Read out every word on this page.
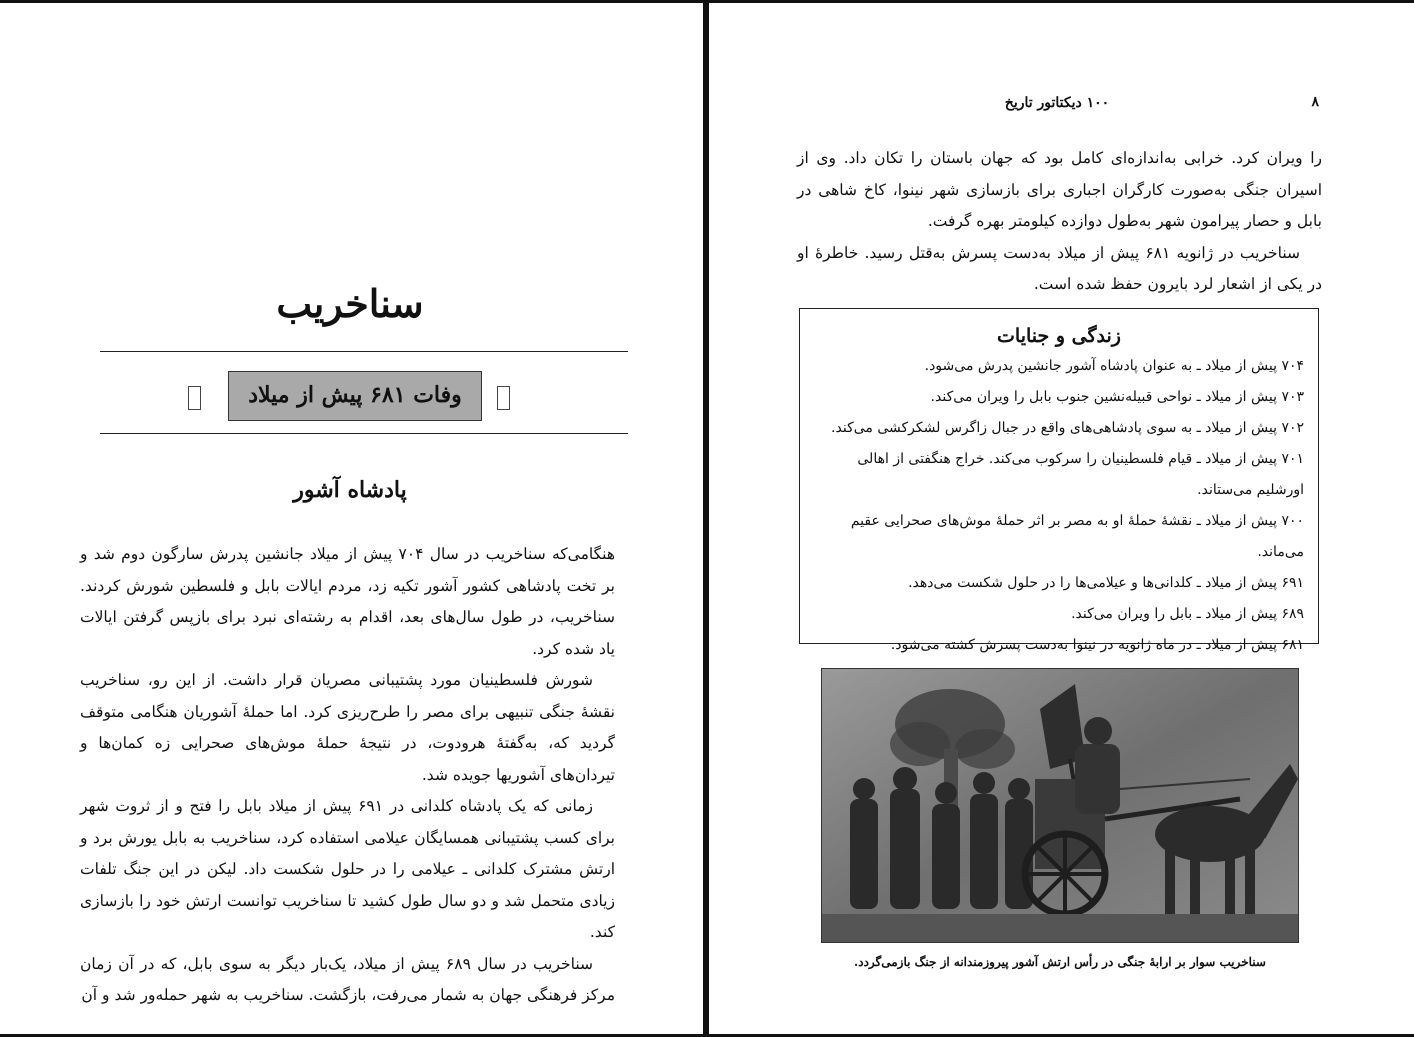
سناخریب
وفات ۶۸۱ پیش از میلاد
پادشاه آشور

هنگامی‌که سناخریب در سال ۷۰۴ پیش از میلاد جانشین پدرش سارگون دوم شد و بر تخت پادشاهی کشور آشور تکیه زد، مردم ایالات بابل و فلسطین شورش کردند. سناخریب، در طول سال‌های بعد، اقدام به رشته‌ای نبرد برای بازپس گرفتن ایالات یاد شده کرد.

شورش فلسطینیان مورد پشتیبانی مصریان قرار داشت. از این رو، سناخریب نقشهٔ جنگی تنبیهی برای مصر را طرح‌ریزی کرد. اما حملهٔ آشوریان هنگامی متوقف گردید که، به‌گفتهٔ هرودوت، در نتیجهٔ حملهٔ موش‌های صحرایی زه کمان‌ها و تیردان‌های آشوریها جویده شد.

زمانی که یک پادشاه کلدانی در ۶۹۱ پیش از میلاد بابل را فتح و از ثروت شهر برای کسب پشتیبانی همسایگان عیلامی استفاده کرد، سناخریب به بابل یورش برد و ارتش مشترک کلدانی ـ عیلامی را در حلول شکست داد. لیکن در این جنگ تلفات زیادی متحمل شد و دو سال طول کشید تا سناخریب توانست ارتش خود را بازسازی کند.

سناخریب در سال ۶۸۹ پیش از میلاد، یک‌بار دیگر به سوی بابل، که در آن زمان مرکز فرهنگی جهان به شمار می‌رفت، بازگشت. سناخریب به شهر حمله‌ور شد و آن

۸
۱۰۰ دیکتاتور تاریخ

را ویران کرد. خرابی به‌اندازه‌ای کامل بود که جهان باستان را تکان داد. وی از اسیران جنگی به‌صورت کارگران اجباری برای بازسازی شهر نینوا، کاخ شاهی در بابل و حصار پیرامون شهر به‌طول دوازده کیلومتر بهره گرفت.

سناخریب در ژانویه ۶۸۱ پیش از میلاد به‌دست پسرش به‌قتل رسید. خاطرهٔ او در یکی از اشعار لرد بایرون حفظ شده است.

زندگی و جنایات
۷۰۴ پیش از میلاد ـ به عنوان پادشاه آشور جانشین پدرش می‌شود.
۷۰۳ پیش از میلاد ـ نواحی قبیله‌نشین جنوب بابل را ویران می‌کند.
۷۰۲ پیش از میلاد ـ به سوی پادشاهی‌های واقع در جبال زاگرس لشکرکشی می‌کند.
۷۰۱ پیش از میلاد ـ قیام فلسطینیان را سرکوب می‌کند. خراج هنگفتی از اهالی اورشلیم می‌ستاند.
۷۰۰ پیش از میلاد ـ نقشهٔ حملهٔ او به مصر بر اثر حملهٔ موش‌های صحرایی عقیم می‌ماند.
۶۹۱ پیش از میلاد ـ کلدانی‌ها و عیلامی‌ها را در حلول شکست می‌دهد.
۶۸۹ پیش از میلاد ـ بابل را ویران می‌کند.
۶۸۱ پیش از میلاد ـ در ماه ژانویه در نینوا به‌دست پسرش کشته می‌شود.
سناخریب سوار بر ارابهٔ جنگی در رأس ارتش آشور پیروزمندانه از جنگ بازمی‌گردد.
